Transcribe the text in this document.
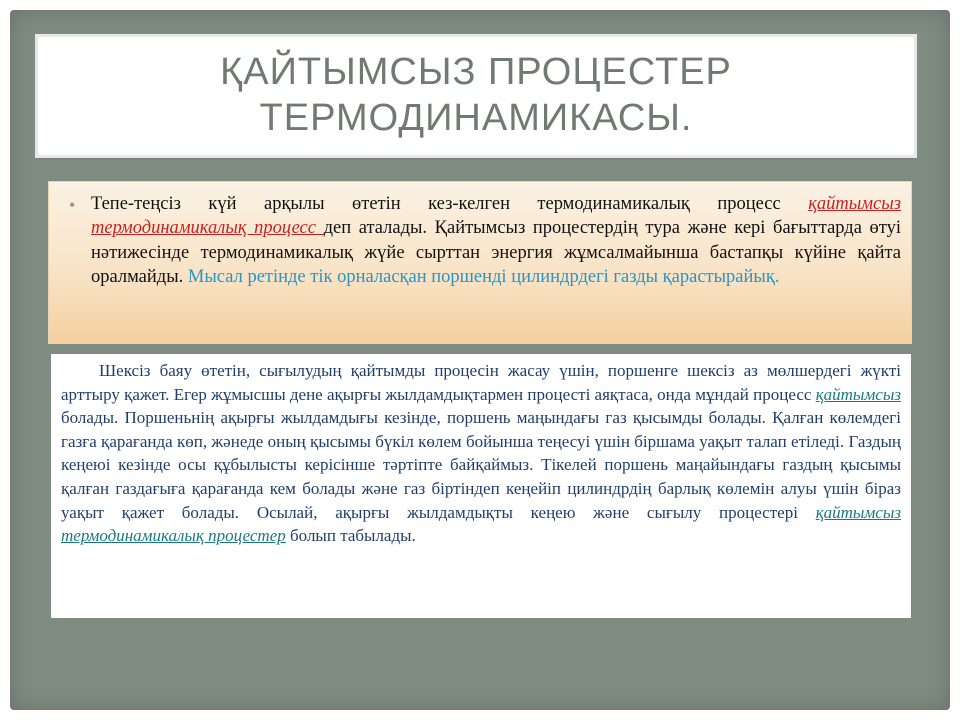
ҚАЙТЫМСЫЗ ПРОЦЕСТЕР
ТЕРМОДИНАМИКАСЫ.
• Тепе-теңсіз күй арқылы өтетін кез-келген термодинамикалық процесс қайтымсыз термодинамикалық процесс деп аталады. Қайтымсыз процестердің тура және кері бағыттарда өтуі нәтижесінде термодинамикалық жүйе сырттан энергия жұмсалмайынша бастапқы күйіне қайта оралмайды. Мысал ретінде тік орналасқан поршенді цилиндрдегі газды қарастырайық.
Шексіз баяу өтетін, сығылудың қайтымды процесін жасау үшін, поршенге шексіз аз мөлшердегі жүкті арттыру қажет. Егер жұмысшы дене ақырғы жылдамдықтармен процесті аяқтаса, онда мұндай процесс қайтымсыз болады. Поршеньнің ақырғы жылдамдығы кезінде, поршень маңындағы газ қысымды болады. Қалған көлемдегі газға қарағанда көп, жәнеде оның қысымы бүкіл көлем бойынша теңесуі үшін біршама уақыт талап етіледі. Газдың кеңеюі кезінде осы құбылысты керісінше тәртіпте байқаймыз. Тікелей поршень маңайындағы газдың қысымы қалған газдағыға қарағанда кем болады және газ біртіндеп кеңейіп цилиндрдің барлық көлемін алуы үшін біраз уақыт қажет болады. Осылай, ақырғы жылдамдықты кеңею және сығылу процестері қайтымсыз термодинамикалық процестер болып табылады.
